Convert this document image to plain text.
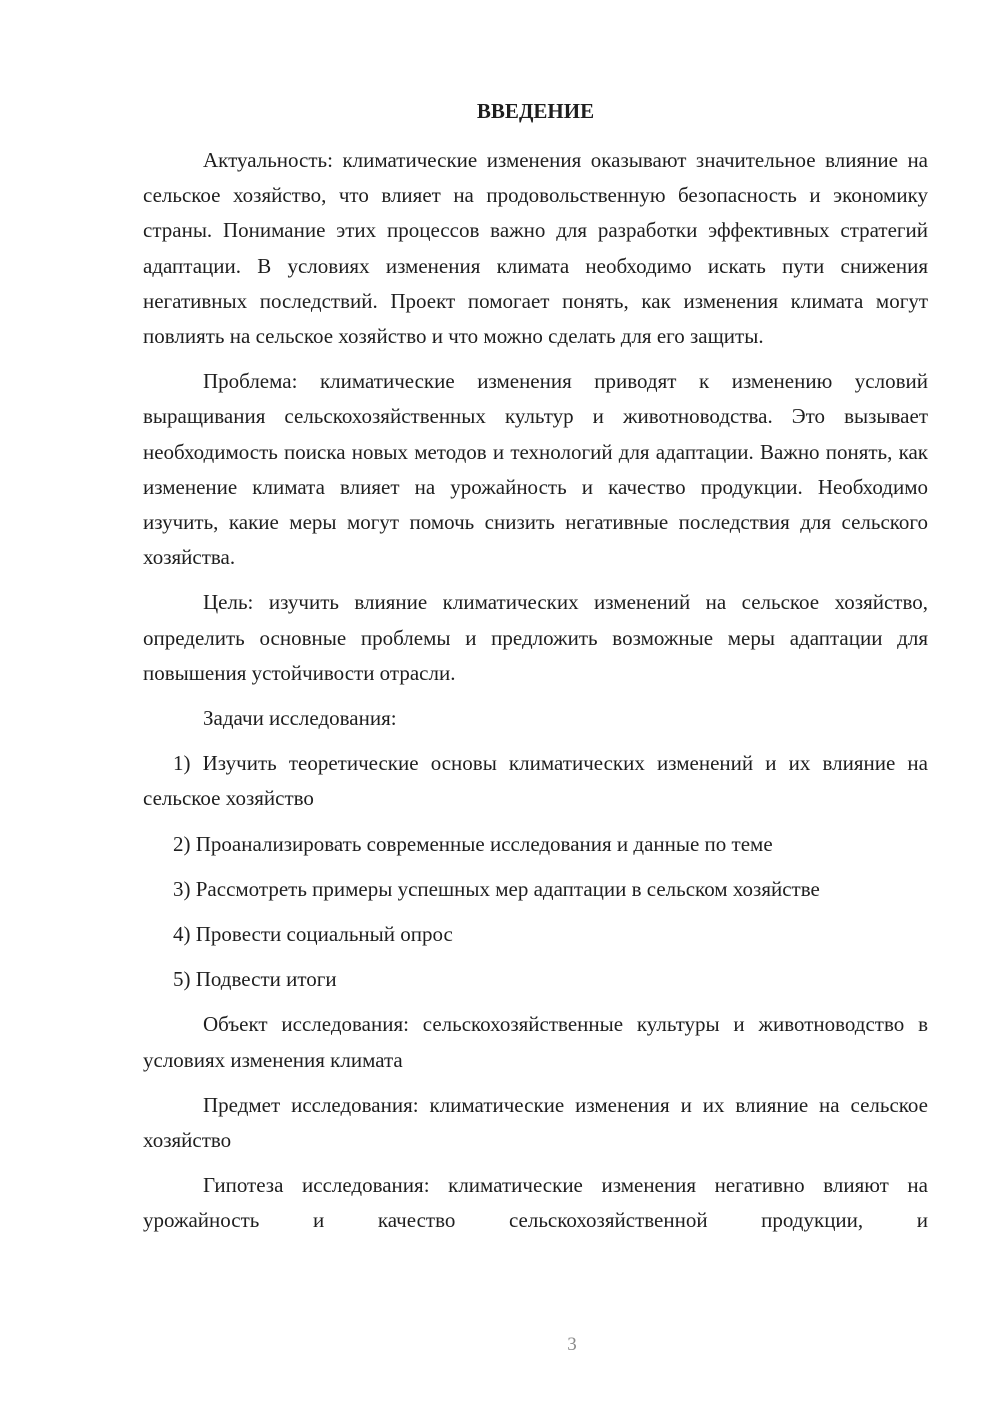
ВВЕДЕНИЕ

Актуальность: климатические изменения оказывают значительное влияние на сельское хозяйство, что влияет на продовольственную безопасность и экономику страны. Понимание этих процессов важно для разработки эффективных стратегий адаптации. В условиях изменения климата необходимо искать пути снижения негативных последствий. Проект помогает понять, как изменения климата могут повлиять на сельское хозяйство и что можно сделать для его защиты.

Проблема: климатические изменения приводят к изменению условий выращивания сельскохозяйственных культур и животноводства. Это вызывает необходимость поиска новых методов и технологий для адаптации. Важно понять, как изменение климата влияет на урожайность и качество продукции. Необходимо изучить, какие меры могут помочь снизить негативные последствия для сельского хозяйства.

Цель: изучить влияние климатических изменений на сельское хозяйство, определить основные проблемы и предложить возможные меры адаптации для повышения устойчивости отрасли.

Задачи исследования:

1) Изучить теоретические основы климатических изменений и их влияние на сельское хозяйство

2) Проанализировать современные исследования и данные по теме

3) Рассмотреть примеры успешных мер адаптации в сельском хозяйстве

4) Провести социальный опрос

5) Подвести итоги

Объект исследования: сельскохозяйственные культуры и животноводство в условиях изменения климата

Предмет исследования: климатические изменения и их влияние на сельское хозяйство

Гипотеза исследования: климатические изменения негативно влияют на урожайность и качество сельскохозяйственной продукции, и

3
